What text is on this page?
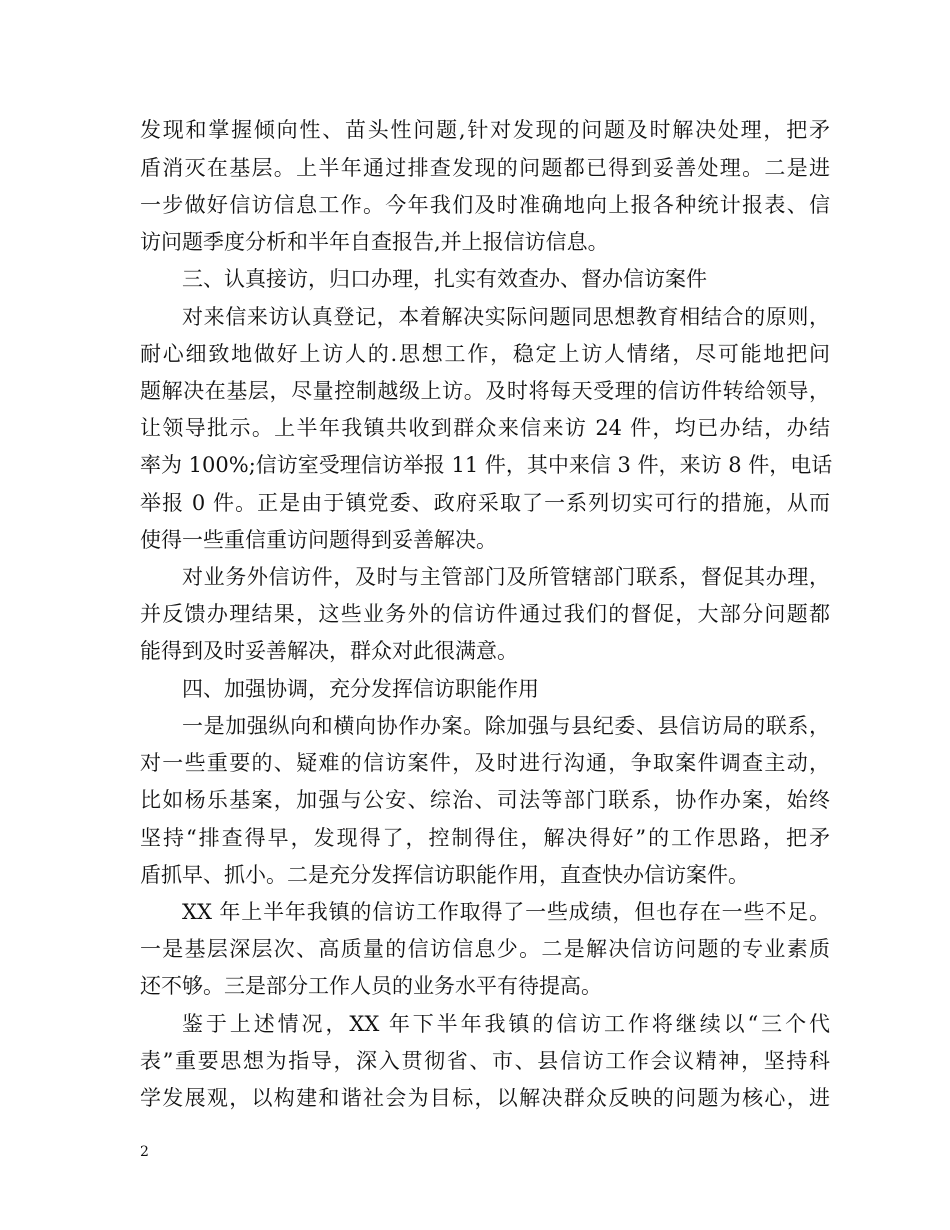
发现和掌握倾向性、苗头性问题,针对发现的问题及时解决处理，把矛
盾消灭在基层。上半年通过排查发现的问题都已得到妥善处理。二是进
一步做好信访信息工作。今年我们及时准确地向上报各种统计报表、信
访问题季度分析和半年自查报告,并上报信访信息。
三、认真接访，归口办理，扎实有效查办、督办信访案件
对来信来访认真登记，本着解决实际问题同思想教育相结合的原则，
耐心细致地做好上访人的.思想工作，稳定上访人情绪，尽可能地把问
题解决在基层，尽量控制越级上访。及时将每天受理的信访件转给领导，
让领导批示。上半年我镇共收到群众来信来访 24 件，均已办结，办结
率为 100%;信访室受理信访举报 11 件，其中来信 3 件，来访 8 件，电话
举报 0 件。正是由于镇党委、政府采取了一系列切实可行的措施，从而
使得一些重信重访问题得到妥善解决。
对业务外信访件，及时与主管部门及所管辖部门联系，督促其办理，
并反馈办理结果，这些业务外的信访件通过我们的督促，大部分问题都
能得到及时妥善解决，群众对此很满意。
四、加强协调，充分发挥信访职能作用
一是加强纵向和横向协作办案。除加强与县纪委、县信访局的联系，
对一些重要的、疑难的信访案件，及时进行沟通，争取案件调查主动，
比如杨乐基案，加强与公安、综治、司法等部门联系，协作办案，始终
坚持“排查得早，发现得了，控制得住，解决得好”的工作思路，把矛
盾抓早、抓小。二是充分发挥信访职能作用，直查快办信访案件。
XX 年上半年我镇的信访工作取得了一些成绩，但也存在一些不足。
一是基层深层次、高质量的信访信息少。二是解决信访问题的专业素质
还不够。三是部分工作人员的业务水平有待提高。
鉴于上述情况，XX 年下半年我镇的信访工作将继续以“三个代
表”重要思想为指导，深入贯彻省、市、县信访工作会议精神，坚持科
学发展观，以构建和谐社会为目标，以解决群众反映的问题为核心，进
2
